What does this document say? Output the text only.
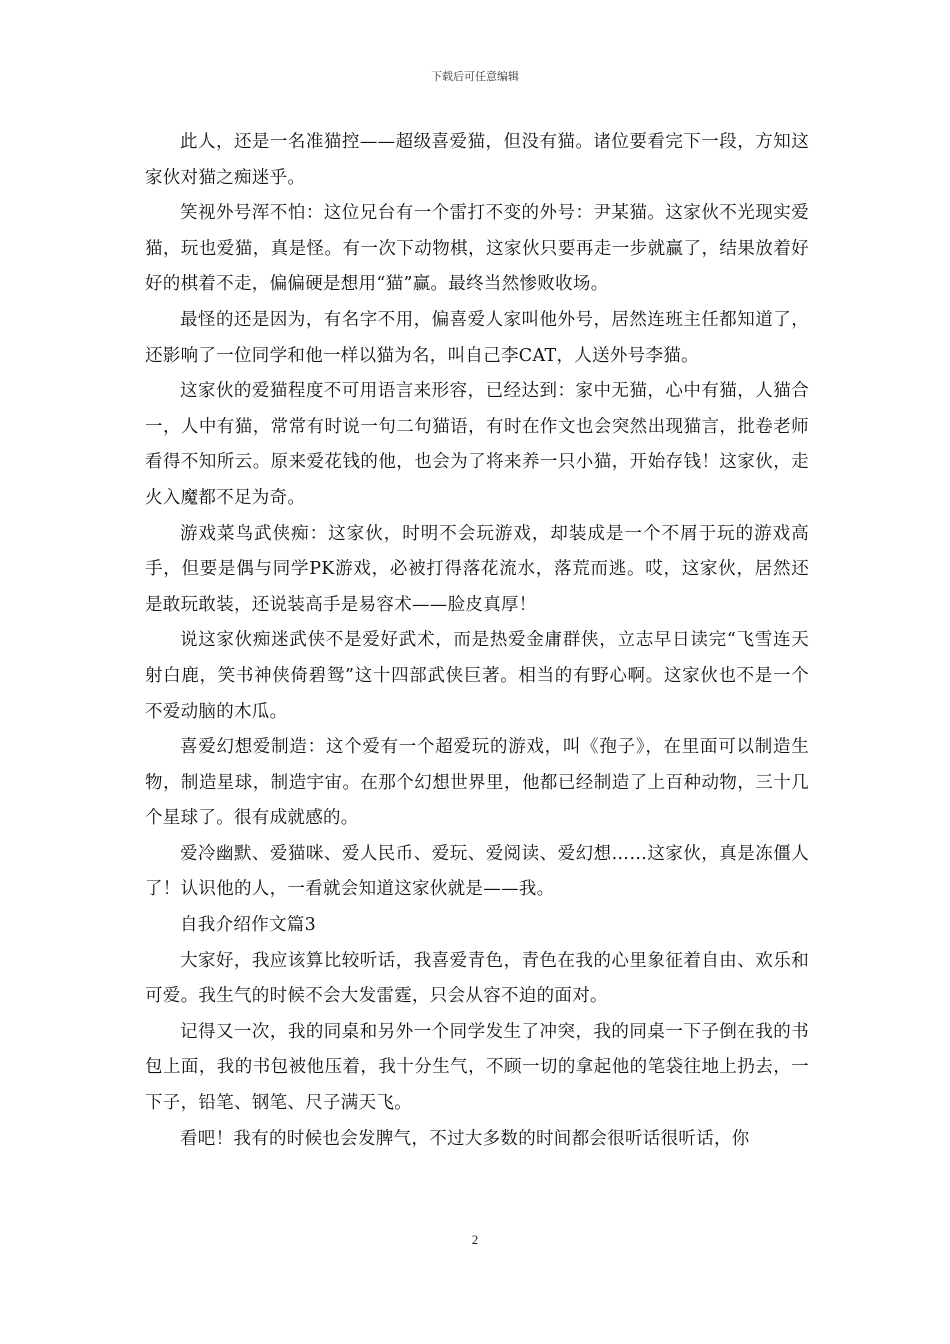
下载后可任意编辑

此人，还是一名准猫控——超级喜爱猫，但没有猫。诸位要看完下一段，方知这家伙对猫之痴迷乎。

笑视外号浑不怕：这位兄台有一个雷打不变的外号：尹某猫。这家伙不光现实爱猫，玩也爱猫，真是怪。有一次下动物棋，这家伙只要再走一步就赢了，结果放着好好的棋着不走，偏偏硬是想用“猫”赢。最终当然惨败收场。

最怪的还是因为，有名字不用，偏喜爱人家叫他外号，居然连班主任都知道了，还影响了一位同学和他一样以猫为名，叫自己李CAT，人送外号李猫。

这家伙的爱猫程度不可用语言来形容，已经达到：家中无猫，心中有猫，人猫合一，人中有猫，常常有时说一句二句猫语，有时在作文也会突然出现猫言，批卷老师看得不知所云。原来爱花钱的他，也会为了将来养一只小猫，开始存钱！这家伙，走火入魔都不足为奇。

游戏菜鸟武侠痴：这家伙，时明不会玩游戏，却装成是一个不屑于玩的游戏高手，但要是偶与同学PK游戏，必被打得落花流水，落荒而逃。哎，这家伙，居然还是敢玩敢装，还说装高手是易容术——脸皮真厚！

说这家伙痴迷武侠不是爱好武术，而是热爱金庸群侠，立志早日读完“飞雪连天射白鹿，笑书神侠倚碧鸳”这十四部武侠巨著。相当的有野心啊。这家伙也不是一个不爱动脑的木瓜。

喜爱幻想爱制造：这个爱有一个超爱玩的游戏，叫《孢子》，在里面可以制造生物，制造星球，制造宇宙。在那个幻想世界里，他都已经制造了上百种动物，三十几个星球了。很有成就感的。

爱冷幽默、爱猫咪、爱人民币、爱玩、爱阅读、爱幻想……这家伙，真是冻僵人了！认识他的人，一看就会知道这家伙就是——我。

自我介绍作文篇3

大家好，我应该算比较听话，我喜爱青色，青色在我的心里象征着自由、欢乐和可爱。我生气的时候不会大发雷霆，只会从容不迫的面对。

记得又一次，我的同桌和另外一个同学发生了冲突，我的同桌一下子倒在我的书包上面，我的书包被他压着，我十分生气，不顾一切的拿起他的笔袋往地上扔去，一下子，铅笔、钢笔、尺子满天飞。

看吧！我有的时候也会发脾气，不过大多数的时间都会很听话很听话，你

2
